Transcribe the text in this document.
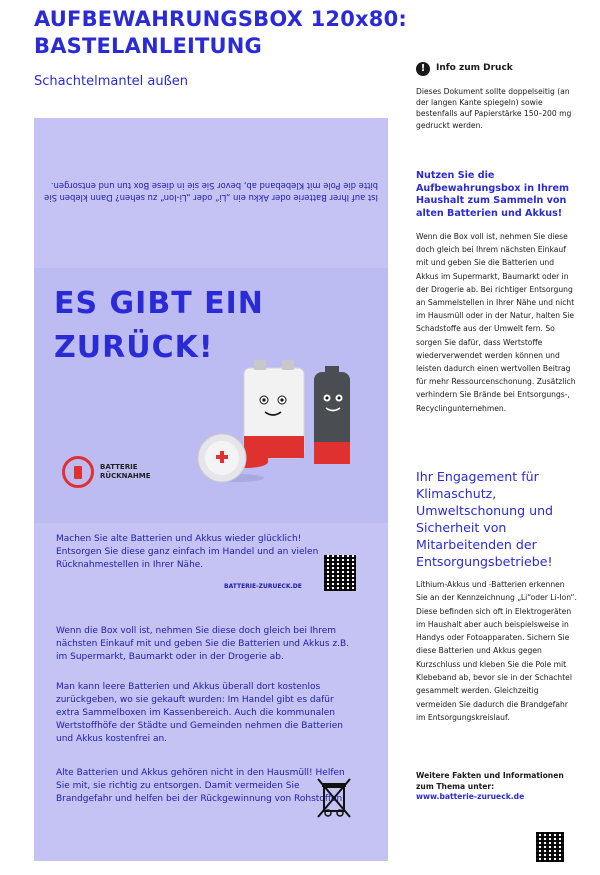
AUFBEWAHRUNGSBOX 120x80:
BASTELANLEITUNG
Schachtelmantel außen
Ist auf Ihrer Batterie oder Akku ein „Li“ oder „Li-Ion“ zu sehen? Dann kleben Sie bitte die Pole mit Klebeband ab, bevor Sie sie in diese Box tun und entsorgen.
ES GIBT EIN
ZURÜCK!
BATTERIE
RÜCKNAHME
Machen Sie alte Batterien und Akkus wieder glücklich! Entsorgen Sie diese ganz einfach im Handel und an vielen Rücknahmestellen in Ihrer Nähe.
BATTERIE-ZURUECK.DE

Wenn die Box voll ist, nehmen Sie diese doch gleich bei Ihrem nächsten Einkauf mit und geben Sie die Batterien und Akkus z.B. im Supermarkt, Baumarkt oder in der Drogerie ab.

Man kann leere Batterien und Akkus überall dort kostenlos zurückgeben, wo sie gekauft wurden: Im Handel gibt es dafür extra Sammelboxen im Kassenbereich. Auch die kommunalen Wertstoffhöfe der Städte und Gemeinden nehmen die Batterien und Akkus kostenfrei an.

Alte Batterien und Akkus gehören nicht in den Hausmüll! Helfen Sie mit, sie richtig zu entsorgen. Damit vermeiden Sie Brandgefahr und helfen bei der Rückgewinnung von Rohstoffen.

!	Info zum Druck
Dieses Dokument sollte doppelseitig (an der langen Kante spiegeln) sowie bestenfalls auf Papierstärke 150–200 mg gedruckt werden.
Nutzen Sie die Aufbewahrungsbox in Ihrem Haushalt zum Sammeln von alten Batterien und Akkus!
Wenn die Box voll ist, nehmen Sie diese doch gleich bei Ihrem nächsten Einkauf mit und geben Sie die Batterien und Akkus im Supermarkt, Baumarkt oder in der Drogerie ab. Bei richtiger Entsorgung an Sammelstellen in Ihrer Nähe und nicht im Hausmüll oder in der Natur, halten Sie Schadstoffe aus der Umwelt fern. So sorgen Sie dafür, dass Wertstoffe wiederverwendet werden können und leisten dadurch einen wertvollen Beitrag für mehr Ressourcenschonung. Zusätzlich verhindern Sie Brände bei Entsorgungs-, Recyclingunternehmen.
Ihr Engagement für Klimaschutz, Umweltschonung und Sicherheit von Mitarbeitenden der Entsorgungsbetriebe!
Lithium-Akkus und -Batterien erkennen Sie an der Kennzeichnung „Li“oder Li-Ion“. Diese befinden sich oft in Elektrogeräten im Haushalt aber auch beispielsweise in Handys oder Fotoapparaten. Sichern Sie diese Batterien und Akkus gegen Kurzschluss und kleben Sie die Pole mit Klebeband ab, bevor sie in der Schachtel gesammelt werden. Gleichzeitig vermeiden Sie dadurch die Brandgefahr im Entsorgungskreislauf.
Weitere Fakten und Informationen zum Thema unter:
www.batterie-zurueck.de
